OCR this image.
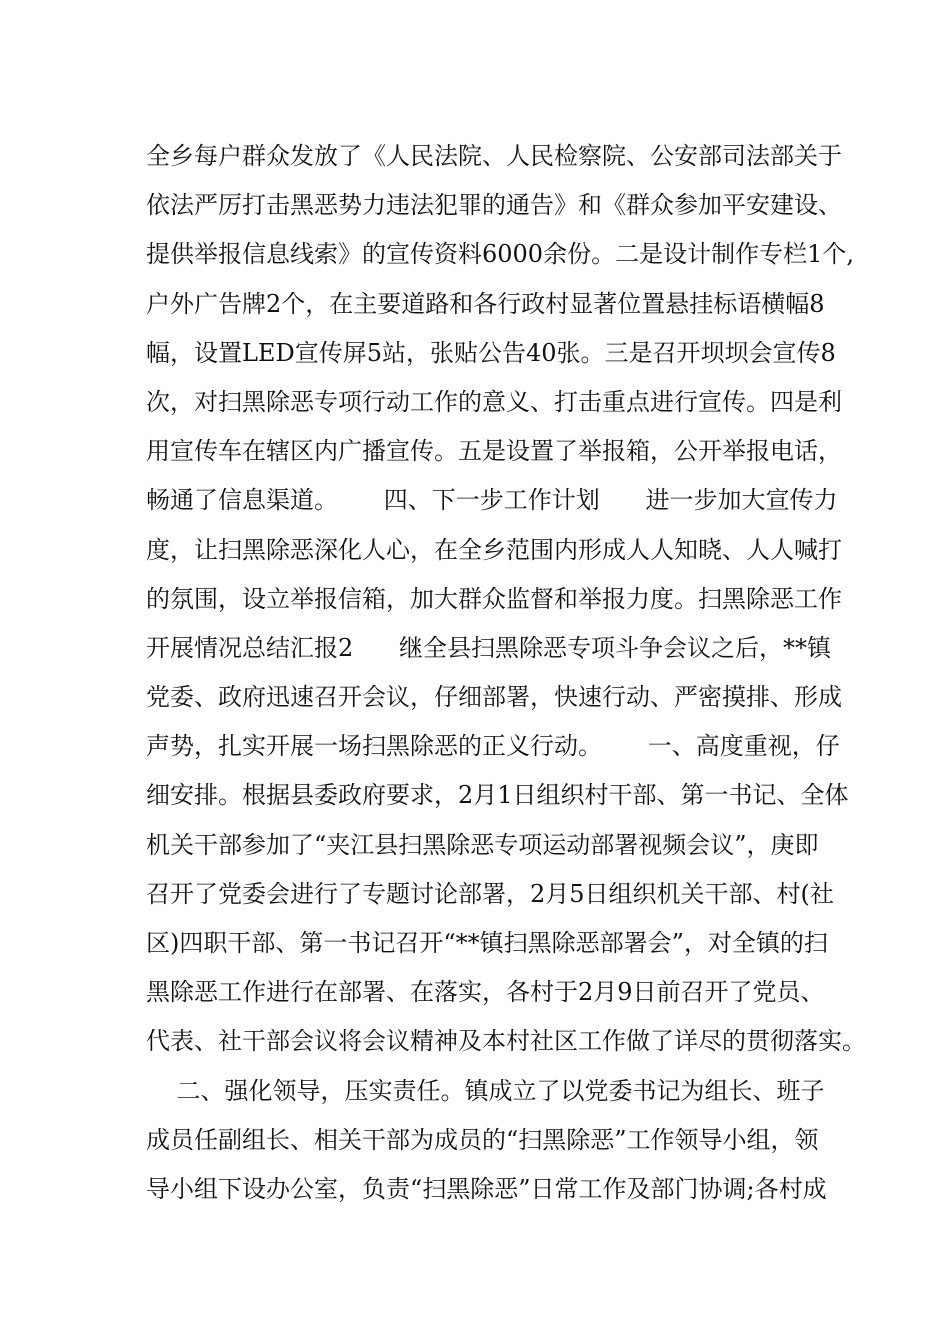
全乡每户群众发放了《人民法院、人民检察院、公安部司法部关于
依法严厉打击黑恶势力违法犯罪的通告》和《群众参加平安建设、
提供举报信息线索》的宣传资料6000余份。二是设计制作专栏1个,
户外广告牌2个，在主要道路和各行政村显著位置悬挂标语横幅8
幅，设置LED宣传屏5站，张贴公告40张。三是召开坝坝会宣传8
次，对扫黑除恶专项行动工作的意义、打击重点进行宣传。四是利
用宣传车在辖区内广播宣传。五是设置了举报箱，公开举报电话，
畅通了信息渠道。      四、下一步工作计划      进一步加大宣传力
度，让扫黑除恶深化人心，在全乡范围内形成人人知晓、人人喊打
的氛围，设立举报信箱，加大群众监督和举报力度。扫黑除恶工作
开展情况总结汇报2      继全县扫黑除恶专项斗争会议之后，**镇
党委、政府迅速召开会议，仔细部署，快速行动、严密摸排、形成
声势，扎实开展一场扫黑除恶的正义行动。      一、高度重视，仔
细安排。根据县委政府要求，2月1日组织村干部、第一书记、全体
机关干部参加了“夹江县扫黑除恶专项运动部署视频会议”，庚即
召开了党委会进行了专题讨论部署，2月5日组织机关干部、村(社
区)四职干部、第一书记召开“**镇扫黑除恶部署会”，对全镇的扫
黑除恶工作进行在部署、在落实，各村于2月9日前召开了党员、
代表、社干部会议将会议精神及本村社区工作做了详尽的贯彻落实。
二、强化领导，压实责任。镇成立了以党委书记为组长、班子
成员任副组长、相关干部为成员的“扫黑除恶”工作领导小组，领
导小组下设办公室，负责“扫黑除恶”日常工作及部门协调;各村成
